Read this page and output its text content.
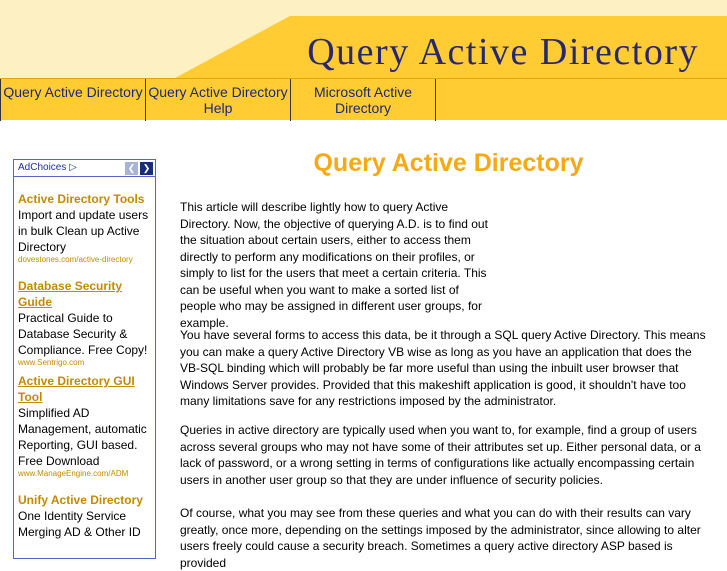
Query Active Directory
Query Active Directory Query Active Directory
Help
Microsoft Active
Directory
AdChoices ▷	❮ ❯
Active Directory Tools
Import and update users in bulk Clean up Active Directory
dovestones.com/active-directory
Database Security Guide
Practical Guide to Database Security & Compliance. Free Copy!
www.Sentrigo.com
Active Directory GUI Tool
Simplified AD Management, automatic Reporting, GUI based. Free Download
www.ManageEngine.com/ADM
Unify Active Directory
One Identity Service Merging AD & Other ID
Query Active Directory

This article will describe lightly how to query Active Directory. Now, the objective of querying A.D. is to find out the situation about certain users, either to access them directly to perform any modifications on their profiles, or simply to list for the users that meet a certain criteria. This can be useful when you want to make a sorted list of people who may be assigned in different user groups, for example.

You have several forms to access this data, be it through a SQL query Active Directory. This means you can make a query Active Directory VB wise as long as you have an application that does the VB-SQL binding which will probably be far more useful than using the inbuilt user browser that Windows Server provides. Provided that this makeshift application is good, it shouldn't have too many limitations save for any restrictions imposed by the administrator.

Queries in active directory are typically used when you want to, for example, find a group of users across several groups who may not have some of their attributes set up. Either personal data, or a lack of password, or a wrong setting in terms of configurations like actually encompassing certain users in another user group so that they are under influence of security policies.

Of course, what you may see from these queries and what you can do with their results can vary greatly, once more, depending on the settings imposed by the administrator, since allowing to alter users freely could cause a security breach. Sometimes a query active directory ASP based is provided
